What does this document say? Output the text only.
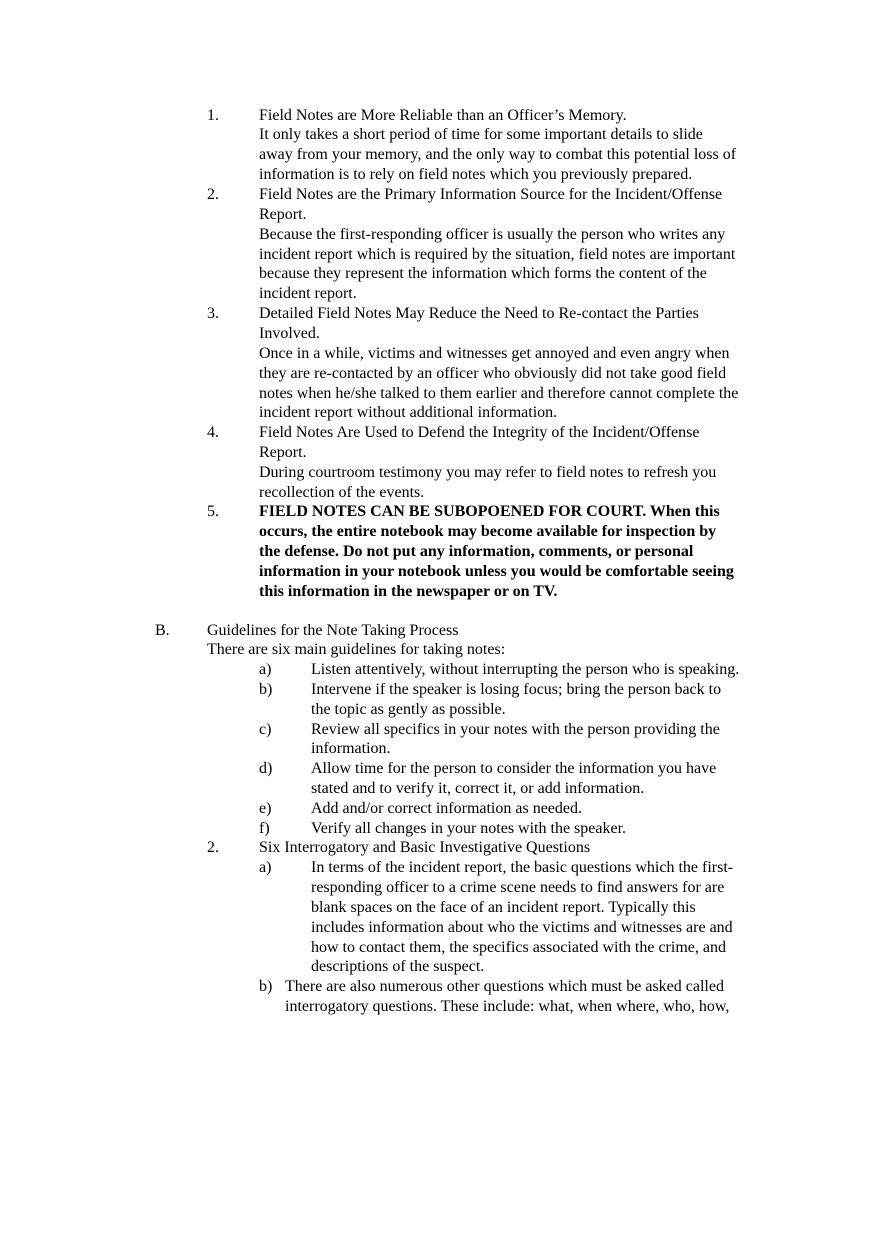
1.	Field Notes are More Reliable than an Officer’s Memory.
It only takes a short period of time for some important details to slide
away from your memory, and the only way to combat this potential loss of
information is to rely on field notes which you previously prepared.
2.	Field Notes are the Primary Information Source for the Incident/Offense
Report.
Because the first-responding officer is usually the person who writes any
incident report which is required by the situation, field notes are important
because they represent the information which forms the content of the
incident report.
3.	Detailed Field Notes May Reduce the Need to Re-contact the Parties
Involved.
Once in a while, victims and witnesses get annoyed and even angry when
they are re-contacted by an officer who obviously did not take good field
notes when he/she talked to them earlier and therefore cannot complete the
incident report without additional information.
4.	Field Notes Are Used to Defend the Integrity of the Incident/Offense
Report.
During courtroom testimony you may refer to field notes to refresh you
recollection of the events.
5.	FIELD NOTES CAN BE SUBOPOENED FOR COURT. When this
occurs, the entire notebook may become available for inspection by
the defense. Do not put any information, comments, or personal
information in your notebook unless you would be comfortable seeing
this information in the newspaper or on TV.
B. Guidelines for the Note Taking Process
There are six main guidelines for taking notes:
a) Listen attentively, without interrupting the person who is speaking.
b) Intervene if the speaker is losing focus; bring the person back to
the topic as gently as possible.
c) Review all specifics in your notes with the person providing the
information.
d) Allow time for the person to consider the information you have
stated and to verify it, correct it, or add information.
e) Add and/or correct information as needed.
f)	Verify all changes in your notes with the speaker.
2.	Six Interrogatory and Basic Investigative Questions
a) In terms of the incident report, the basic questions which the first-
responding officer to a crime scene needs to find answers for are
blank spaces on the face of an incident report. Typically this
includes information about who the victims and witnesses are and
how to contact them, the specifics associated with the crime, and
descriptions of the suspect.
b) There are also numerous other questions which must be asked called
interrogatory questions. These include: what, when where, who, how,
